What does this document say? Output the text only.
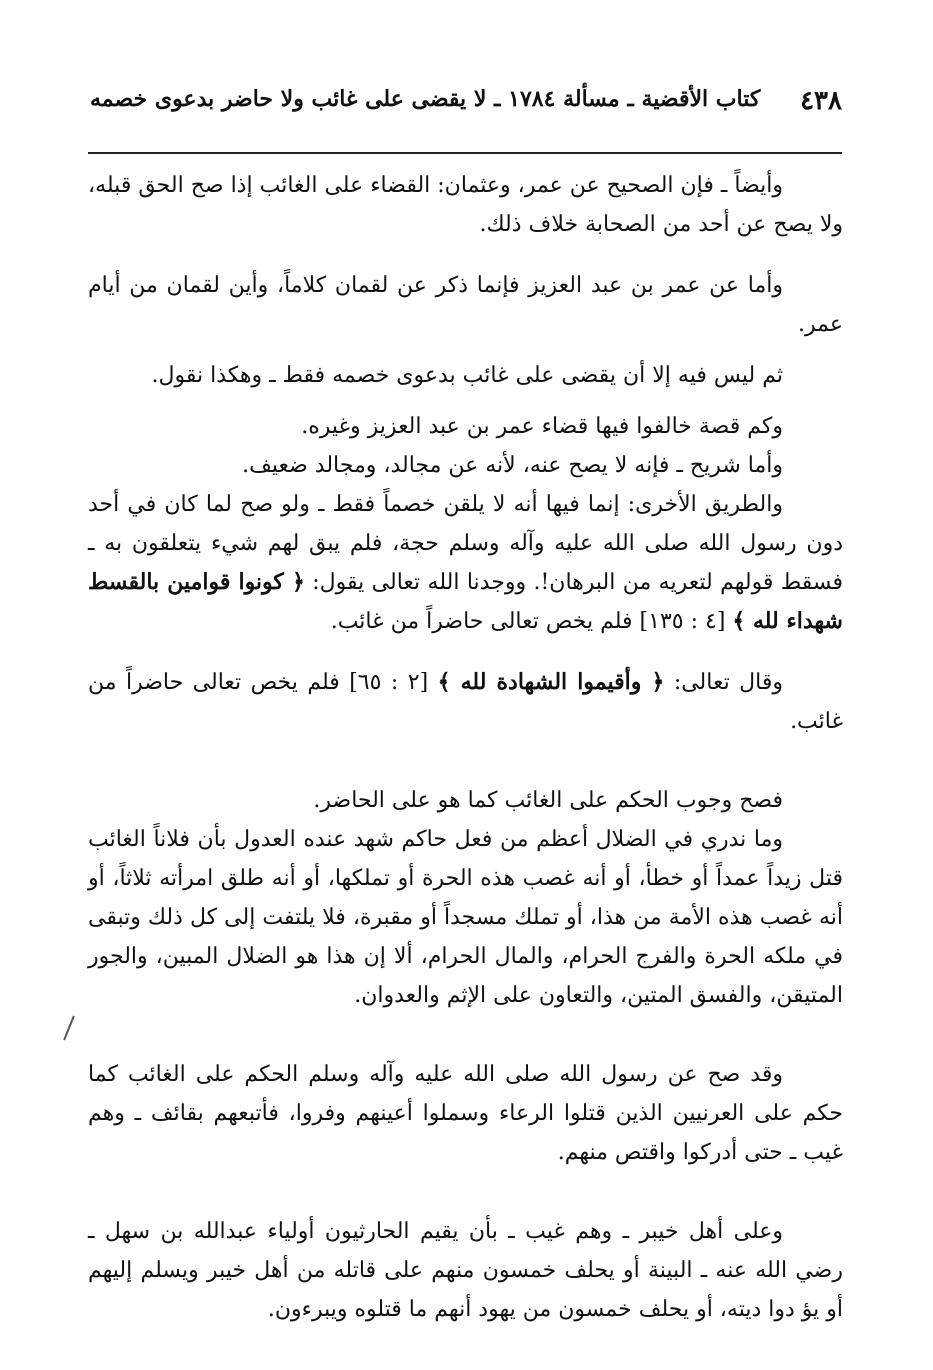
٤٣٨
كتاب الأقضية ـ مسألة ١٧٨٤ ـ لا يقضى على غائب ولا حاضر بدعوى خصمه

وأيضاً ـ فإن الصحيح عن عمر، وعثمان: القضاء على الغائب إذا صح الحق قبله، ولا يصح عن أحد من الصحابة خلاف ذلك.

وأما عن عمر بن عبد العزيز فإنما ذكر عن لقمان كلاماً، وأين لقمان من أيام عمر.

ثم ليس فيه إلا أن يقضى على غائب بدعوى خصمه فقط ـ وهكذا نقول.

وكم قصة خالفوا فيها قضاء عمر بن عبد العزيز وغيره.

وأما شريح ـ فإنه لا يصح عنه، لأنه عن مجالد، ومجالد ضعيف.

والطريق الأخرى: إنما فيها أنه لا يلقن خصماً فقط ـ ولو صح لما كان في أحد دون رسول الله صلى الله عليه وآله وسلم حجة، فلم يبق لهم شيء يتعلقون به ـ فسقط قولهم لتعريه من البرهان!. ووجدنا الله تعالى يقول: ﴿ كونوا قوامين بالقسط شهداء لله ﴾ [٤ : ١٣٥] فلم يخص تعالى حاضراً من غائب.

وقال تعالى: ﴿ وأقيموا الشهادة لله ﴾ [٢ : ٦٥] فلم يخص تعالى حاضراً من غائب.

فصح وجوب الحكم على الغائب كما هو على الحاضر.

وما ندري في الضلال أعظم من فعل حاكم شهد عنده العدول بأن فلاناً الغائب قتل زيداً عمداً أو خطأ، أو أنه غصب هذه الحرة أو تملكها، أو أنه طلق امرأته ثلاثاً، أو أنه غصب هذه الأمة من هذا، أو تملك مسجداً أو مقبرة، فلا يلتفت إلى كل ذلك وتبقى في ملكه الحرة والفرج الحرام، والمال الحرام، ألا إن هذا هو الضلال المبين، والجور المتيقن، والفسق المتين، والتعاون على الإثم والعدوان.

وقد صح عن رسول الله صلى الله عليه وآله وسلم الحكم على الغائب كما حكم على العرنيين الذين قتلوا الرعاء وسملوا أعينهم وفروا، فأتبعهم بقائف ـ وهم غيب ـ حتى أدركوا واقتص منهم.

وعلى أهل خيبر ـ وهم غيب ـ بأن يقيم الحارثيون أولياء عبدالله بن سهل ـ رضي الله عنه ـ البينة أو يحلف خمسون منهم على قاتله من أهل خيبر ويسلم إليهم أو يؤ دوا ديته، أو يحلف خمسون من يهود أنهم ما قتلوه ويبرءون.
